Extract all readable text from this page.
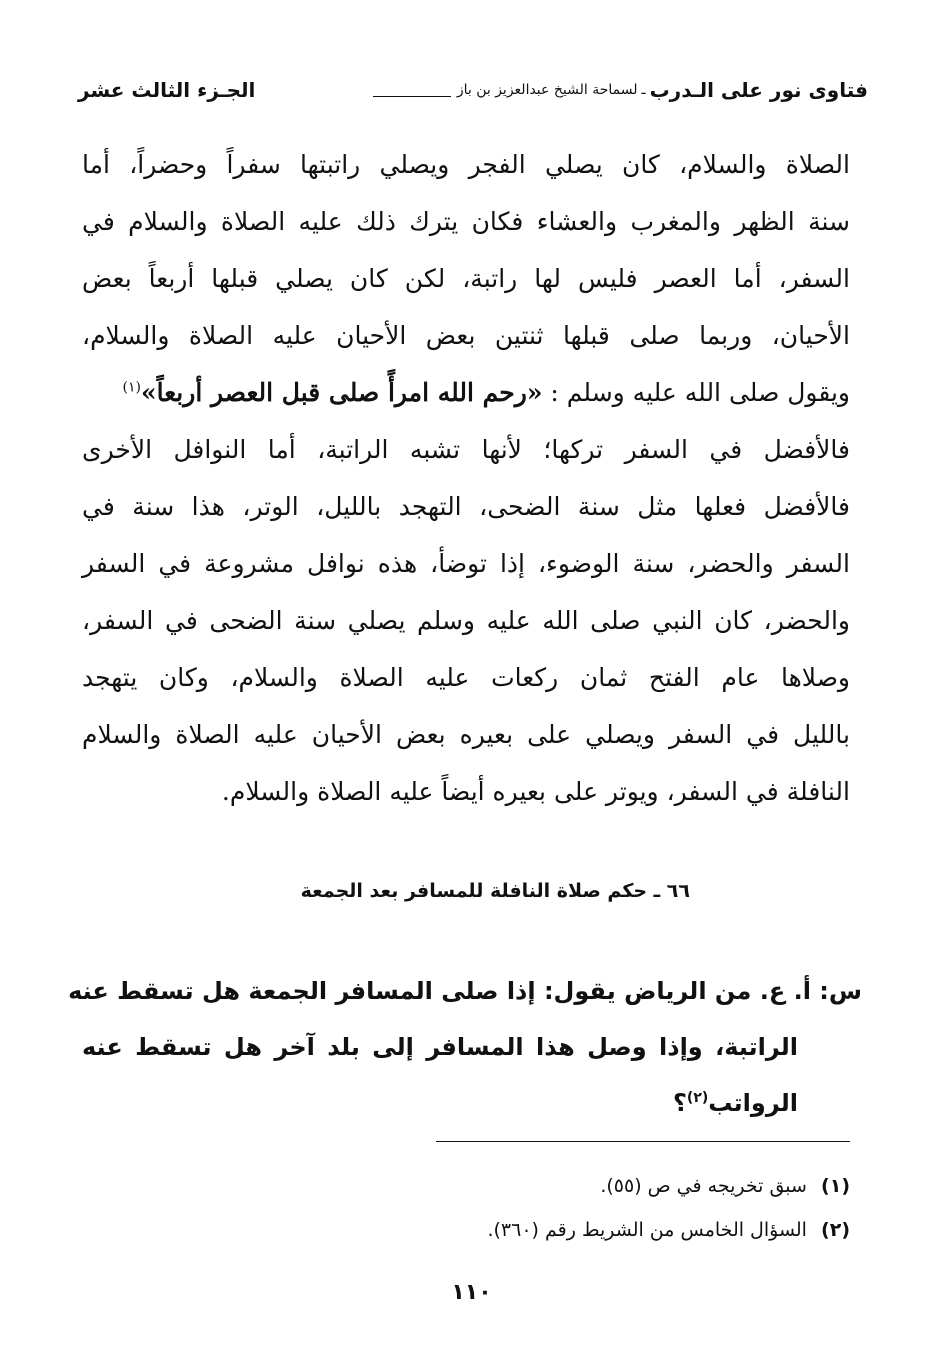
فتاوى نور على الـدرب
ـ
لسماحة الشيخ عبدالعزيز بن باز
الجـزء الثالث عشر
الصلاة والسلام، كان يصلي الفجر ويصلي راتبتها سفراً وحضراً، أما
سنة الظهر والمغرب والعشاء فكان يترك ذلك عليه الصلاة والسلام في
السفر، أما العصر فليس لها راتبة، لكن كان يصلي قبلها أربعاً بعض
الأحيان، وربما صلى قبلها ثنتين بعض الأحيان عليه الصلاة والسلام،
ويقول صلى الله عليه وسلم : «رحم الله امرأً صلى قبل العصر أربعاً»$^{(١)}$
فالأفضل في السفر تركها؛ لأنها تشبه الراتبة، أما النوافل الأخرى
فالأفضل فعلها مثل سنة الضحى، التهجد بالليل، الوتر، هذا سنة في
السفر والحضر، سنة الوضوء، إذا توضأ، هذه نوافل مشروعة في السفر
والحضر، كان النبي صلى الله عليه وسلم يصلي سنة الضحى في السفر،
وصلاها عام الفتح ثمان ركعات عليه الصلاة والسلام، وكان يتهجد
بالليل في السفر ويصلي على بعيره بعض الأحيان عليه الصلاة والسلام
النافلة في السفر، ويوتر على بعيره أيضاً عليه الصلاة والسلام.
٦٦ ـ حكم صلاة النافلة للمسافر بعد الجمعة
س: أ. ع. من الرياض يقول: إذا صلى المسافر الجمعة هل تسقط عنه
الراتبة، وإذا وصل هذا المسافر إلى بلد آخر هل تسقط عنه
الرواتب$^{(٢)}$؟
(١) سبق تخريجه في ص (٥٥).
(٢) السؤال الخامس من الشريط رقم (٣٦٠).
١١٠
